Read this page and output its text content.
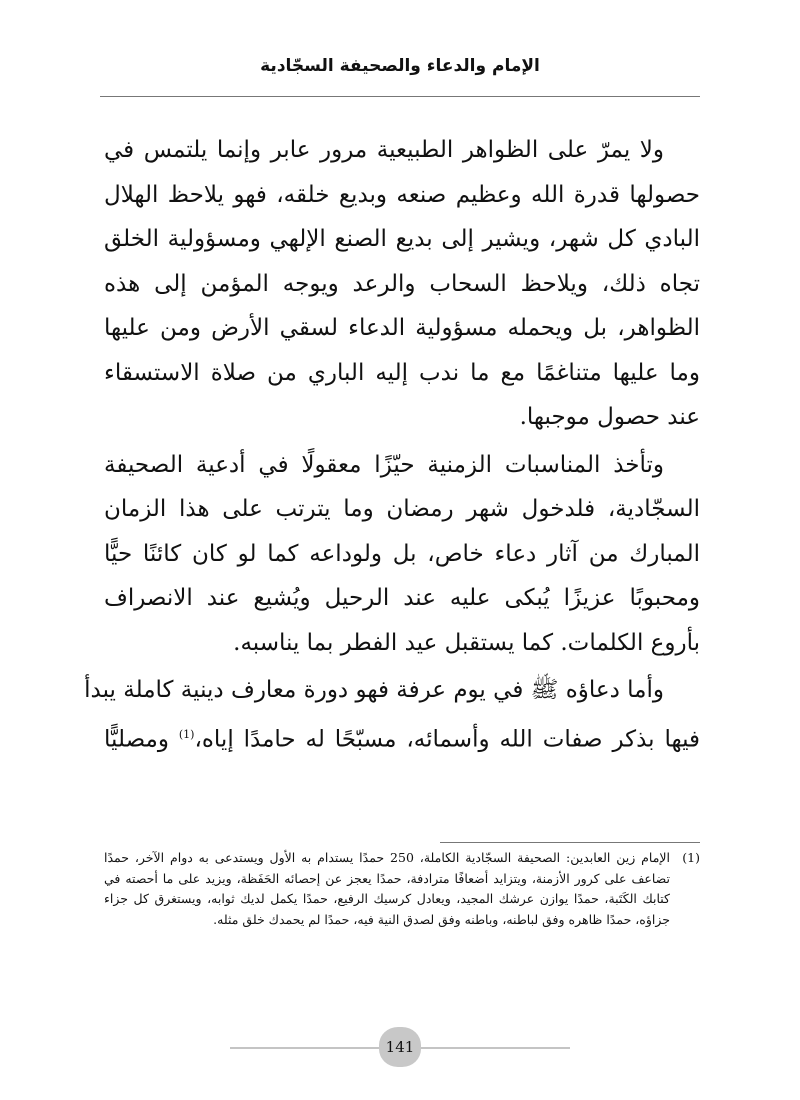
الإمام والدعاء والصحيفة السجّادية
ولا يمرّ على الظواهر الطبيعية مرور عابر وإنما يلتمس في
حصولها قدرة الله وعظيم صنعه وبديع خلقه، فهو يلاحظ الهلال
البادي كل شهر، ويشير إلى بديع الصنع الإلهي ومسؤولية الخلق
تجاه ذلك، ويلاحظ السحاب والرعد ويوجه المؤمن إلى هذه
الظواهر، بل ويحمله مسؤولية الدعاء لسقي الأرض ومن عليها
وما عليها متناغمًا مع ما ندب إليه الباري من صلاة الاستسقاء
عند حصول موجبها.
وتأخذ المناسبات الزمنية حيّزًا معقولًا في أدعية الصحيفة
السجّادية، فلدخول شهر رمضان وما يترتب على هذا الزمان
المبارك من آثار دعاء خاص، بل ولوداعه كما لو كان كائنًا حيًّا
ومحبوبًا عزيزًا يُبكى عليه عند الرحيل ويُشيع عند الانصراف
بأروع الكلمات. كما يستقبل عيد الفطر بما يناسبه.
وأما دعاؤه ﷺ في يوم عرفة فهو دورة معارف دينية كاملة يبدأ
فيها بذكر صفات الله وأسمائه، مسبّحًا له حامدًا إياه،$^{(1)}$ ومصليًّا
(1)
الإمام زين العابدين: الصحيفة السجّادية الكاملة، 250 حمدًا يستدام به الأول ويستدعى به دوام الآخر، حمدًا تضاعف على كرور الأزمنة، ويتزايد أضعافًا مترادفة، حمدًا يعجز عن إحصائه الحَفَظة، ويزيد على ما أحصته في كتابك الكَتَبة، حمدًا يوازن عرشك المجيد، ويعادل كرسيك الرفيع، حمدًا يكمل لديك ثوابه، ويستغرق كل جزاء جزاؤه، حمدًا ظاهره وفق لباطنه، وباطنه وفق لصدق النية فيه، حمدًا لم يحمدك خلق مثله.
141
